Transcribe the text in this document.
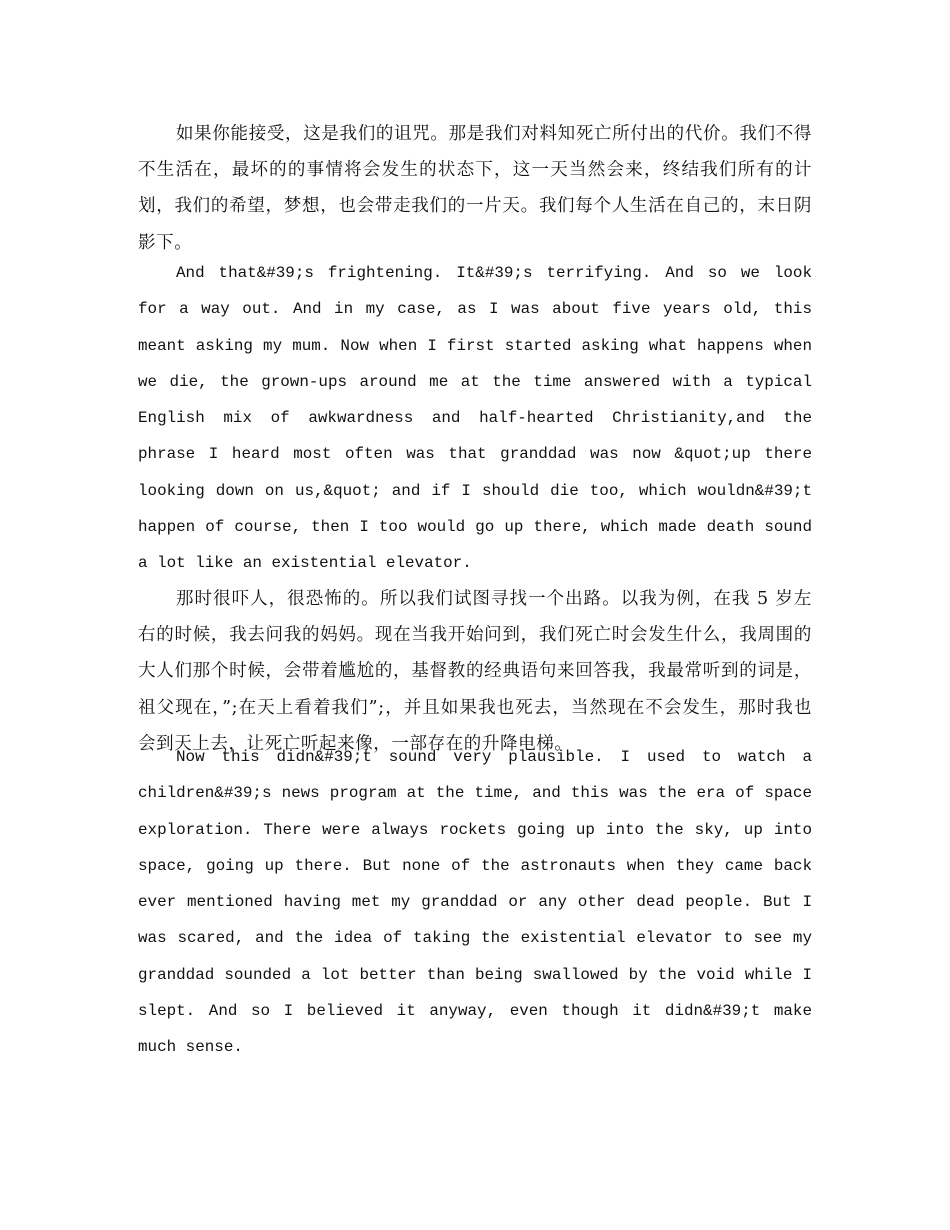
如果你能接受，这是我们的诅咒。那是我们对料知死亡所付出的代价。我们不得不生活在，最坏的的事情将会发生的状态下，这一天当然会来，终结我们所有的计划，我们的希望，梦想，也会带走我们的一片天。我们每个人生活在自己的，末日阴影下。

And that&#39;s frightening. It&#39;s terrifying. And so we look for a way out. And in my case, as I was about five years old, this meant asking my mum. Now when I first started asking what happens when we die, the grown-ups around me at the time answered with a typical English mix of awkwardness and half-hearted Christianity,and the phrase I heard most often was that granddad was now &quot;up there looking down on us,&quot; and if I should die too, which wouldn&#39;t happen of course, then I too would go up there, which made death sound a lot like an existential elevator.

那时很吓人，很恐怖的。所以我们试图寻找一个出路。以我为例，在我 5 岁左右的时候，我去问我的妈妈。现在当我开始问到，我们死亡时会发生什么，我周围的大人们那个时候，会带着尴尬的，基督教的经典语句来回答我，我最常听到的词是，祖父现在，”;在天上看着我们”;，并且如果我也死去，当然现在不会发生，那时我也会到天上去，让死亡听起来像，一部存在的升降电梯。

Now this didn&#39;t sound very plausible. I used to watch a children&#39;s news program at the time, and this was the era of space exploration. There were always rockets going up into the sky, up into space, going up there. But none of the astronauts when they came back ever mentioned having met my granddad or any other dead people. But I was scared, and the idea of taking the existential elevator to see my granddad sounded a lot better than being swallowed by the void while I slept. And so I believed it anyway, even though it didn&#39;t make much sense.
